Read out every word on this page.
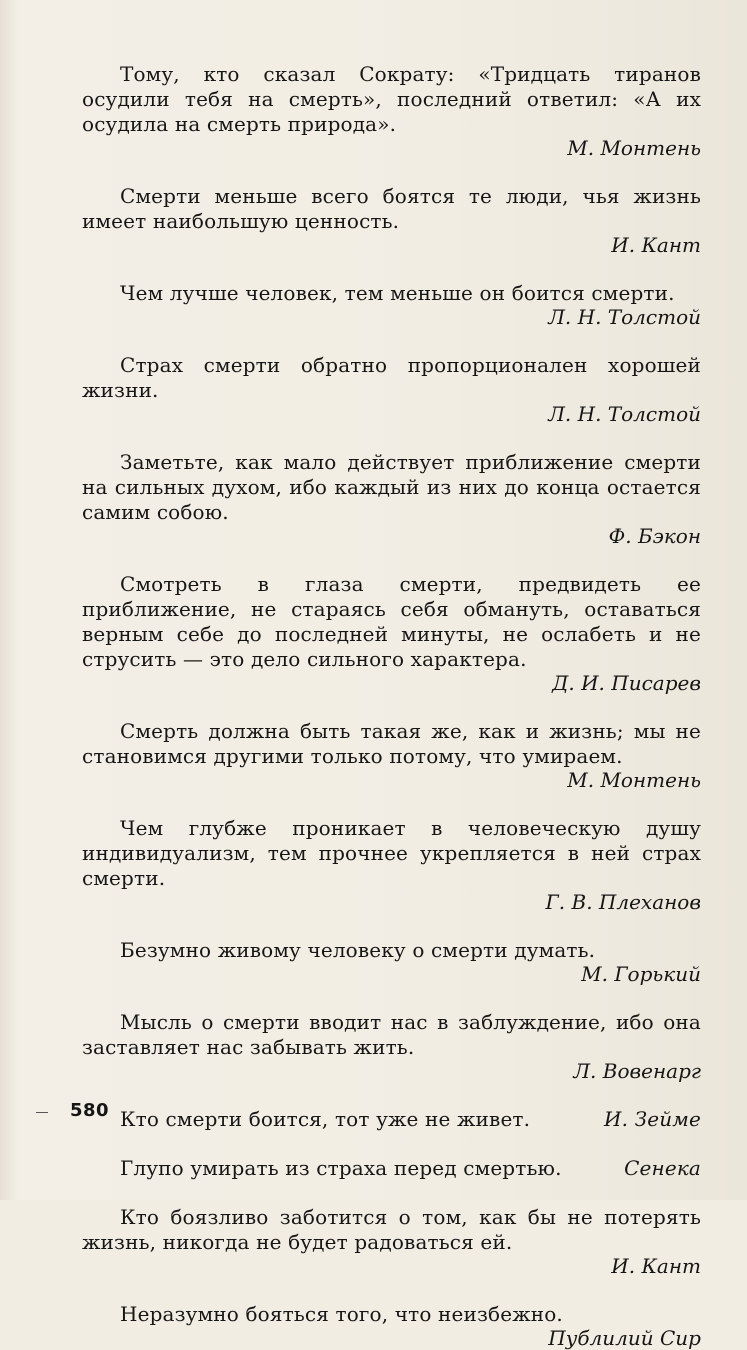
Тому, кто сказал Сократу: «Тридцать тиранов осудили тебя на смерть», последний ответил: «А их осудила на смерть природа».

М. Монтень

Смерти меньше всего боятся те люди, чья жизнь имеет наибольшую ценность.

И. Кант

Чем лучше человек, тем меньше он боится смерти.

Л. Н. Толстой

Страх смерти обратно пропорционален хорошей жизни.

Л. Н. Толстой

Заметьте, как мало действует приближение смерти на сильных духом, ибо каждый из них до конца остается самим собою.

Ф. Бэкон

Смотреть в глаза смерти, предвидеть ее приближение, не стараясь себя обмануть, оставаться верным себе до последней минуты, не ослабеть и не струсить — это дело сильного характера.

Д. И. Писарев

Смерть должна быть такая же, как и жизнь; мы не становимся другими только потому, что умираем.

М. Монтень

Чем глубже проникает в человеческую душу индивидуализм, тем прочнее укрепляется в ней страх смерти.

Г. В. Плеханов

Безумно живому человеку о смерти думать.

М. Горький

Мысль о смерти вводит нас в заблуждение, ибо она заставляет нас забывать жить.

Л. Вовенарг

И. Зейме
Кто смерти боится, тот уже не живет.

Сенека
Глупо умирать из страха перед смертью.

Кто боязливо заботится о том, как бы не потерять жизнь, никогда не будет радоваться ей.

И. Кант

Неразумно бояться того, что неизбежно.

Публилий Сир
580
